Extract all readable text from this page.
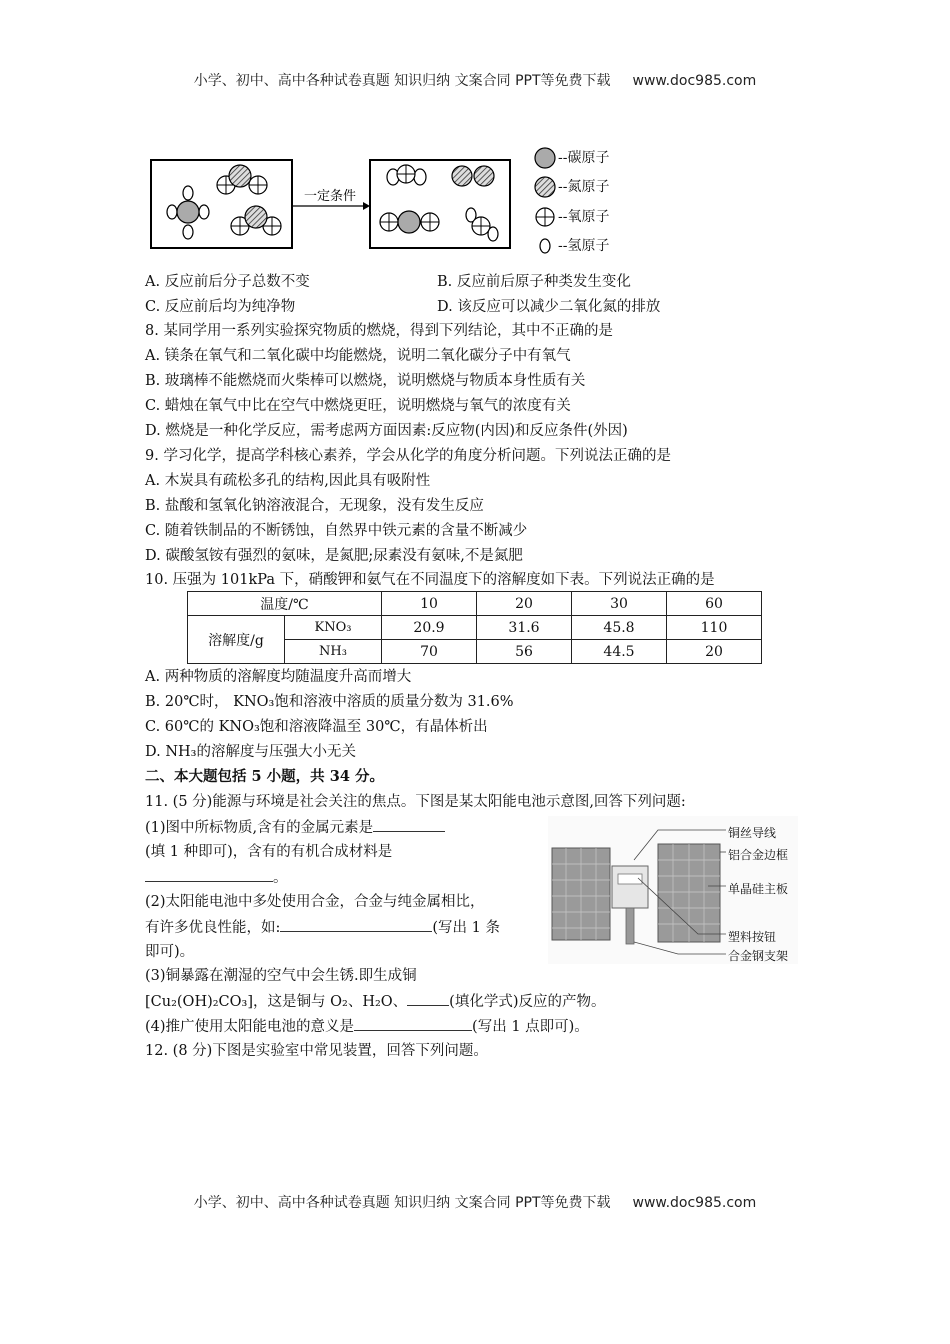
小学、初中、高中各种试卷真题 知识归纳 文案合同 PPT等免费下载 www.doc985.com
一定条件
--碳原子
--氮原子
--氧原子
--氢原子
A. 反应前后分子总数不变	B. 反应前后原子种类发生变化
C. 反应前后均为纯净物	D. 该反应可以减少二氧化氮的排放
8. 某同学用一系列实验探究物质的燃烧，得到下列结论，其中不正确的是
A. 镁条在氧气和二氧化碳中均能燃烧，说明二氧化碳分子中有氧气
B. 玻璃棒不能燃烧而火柴棒可以燃烧，说明燃烧与物质本身性质有关
C. 蜡烛在氧气中比在空气中燃烧更旺，说明燃烧与氧气的浓度有关
D. 燃烧是一种化学反应，需考虑两方面因素:反应物(内因)和反应条件(外因)
9. 学习化学，提高学科核心素养，学会从化学的角度分析问题。下列说法正确的是
A. 木炭具有疏松多孔的结构,因此具有吸附性
B. 盐酸和氢氧化钠溶液混合，无现象，没有发生反应
C. 随着铁制品的不断锈蚀，自然界中铁元素的含量不断减少
D. 碳酸氢铵有强烈的氨味，是氮肥;尿素没有氨味,不是氮肥
10. 压强为 101kPa 下，硝酸钾和氨气在不同温度下的溶解度如下表。下列说法正确的是
温度/℃		10	20	30	60
溶解度/g	KNO₃	20.9	31.6	45.8	110
	NH₃	70	56	44.5	20
A. 两种物质的溶解度均随温度升高而增大
B. 20℃时， KNO₃饱和溶液中溶质的质量分数为 31.6%
C. 60℃的 KNO₃饱和溶液降温至 30℃，有晶体析出
D. NH₃的溶解度与压强大小无关
二、本大题包括 5 小题，共 34 分。
11. (5 分)能源与环境是社会关注的焦点。下图是某太阳能电池示意图,回答下列问题:
(1)图中所标物质,含有的金属元素是
(填 1 种即可)，含有的有机合成材料是
。
(2)太阳能电池中多处使用合金，合金与纯金属相比，
有许多优良性能，如:	(写出 1 条
即可)。
(3)铜暴露在潮湿的空气中会生锈.即生成铜
[Cu₂(OH)₂CO₃]，这是铜与 O₂、H₂O、	(填化学式)反应的产物。
(4)推广使用太阳能电池的意义是	(写出 1 点即可)。
铜丝导线
铝合金边框
单晶硅主板
塑料按钮
合金钢支架
12. (8 分)下图是实验室中常见装置，回答下列问题。
小学、初中、高中各种试卷真题 知识归纳 文案合同 PPT等免费下载 www.doc985.com
